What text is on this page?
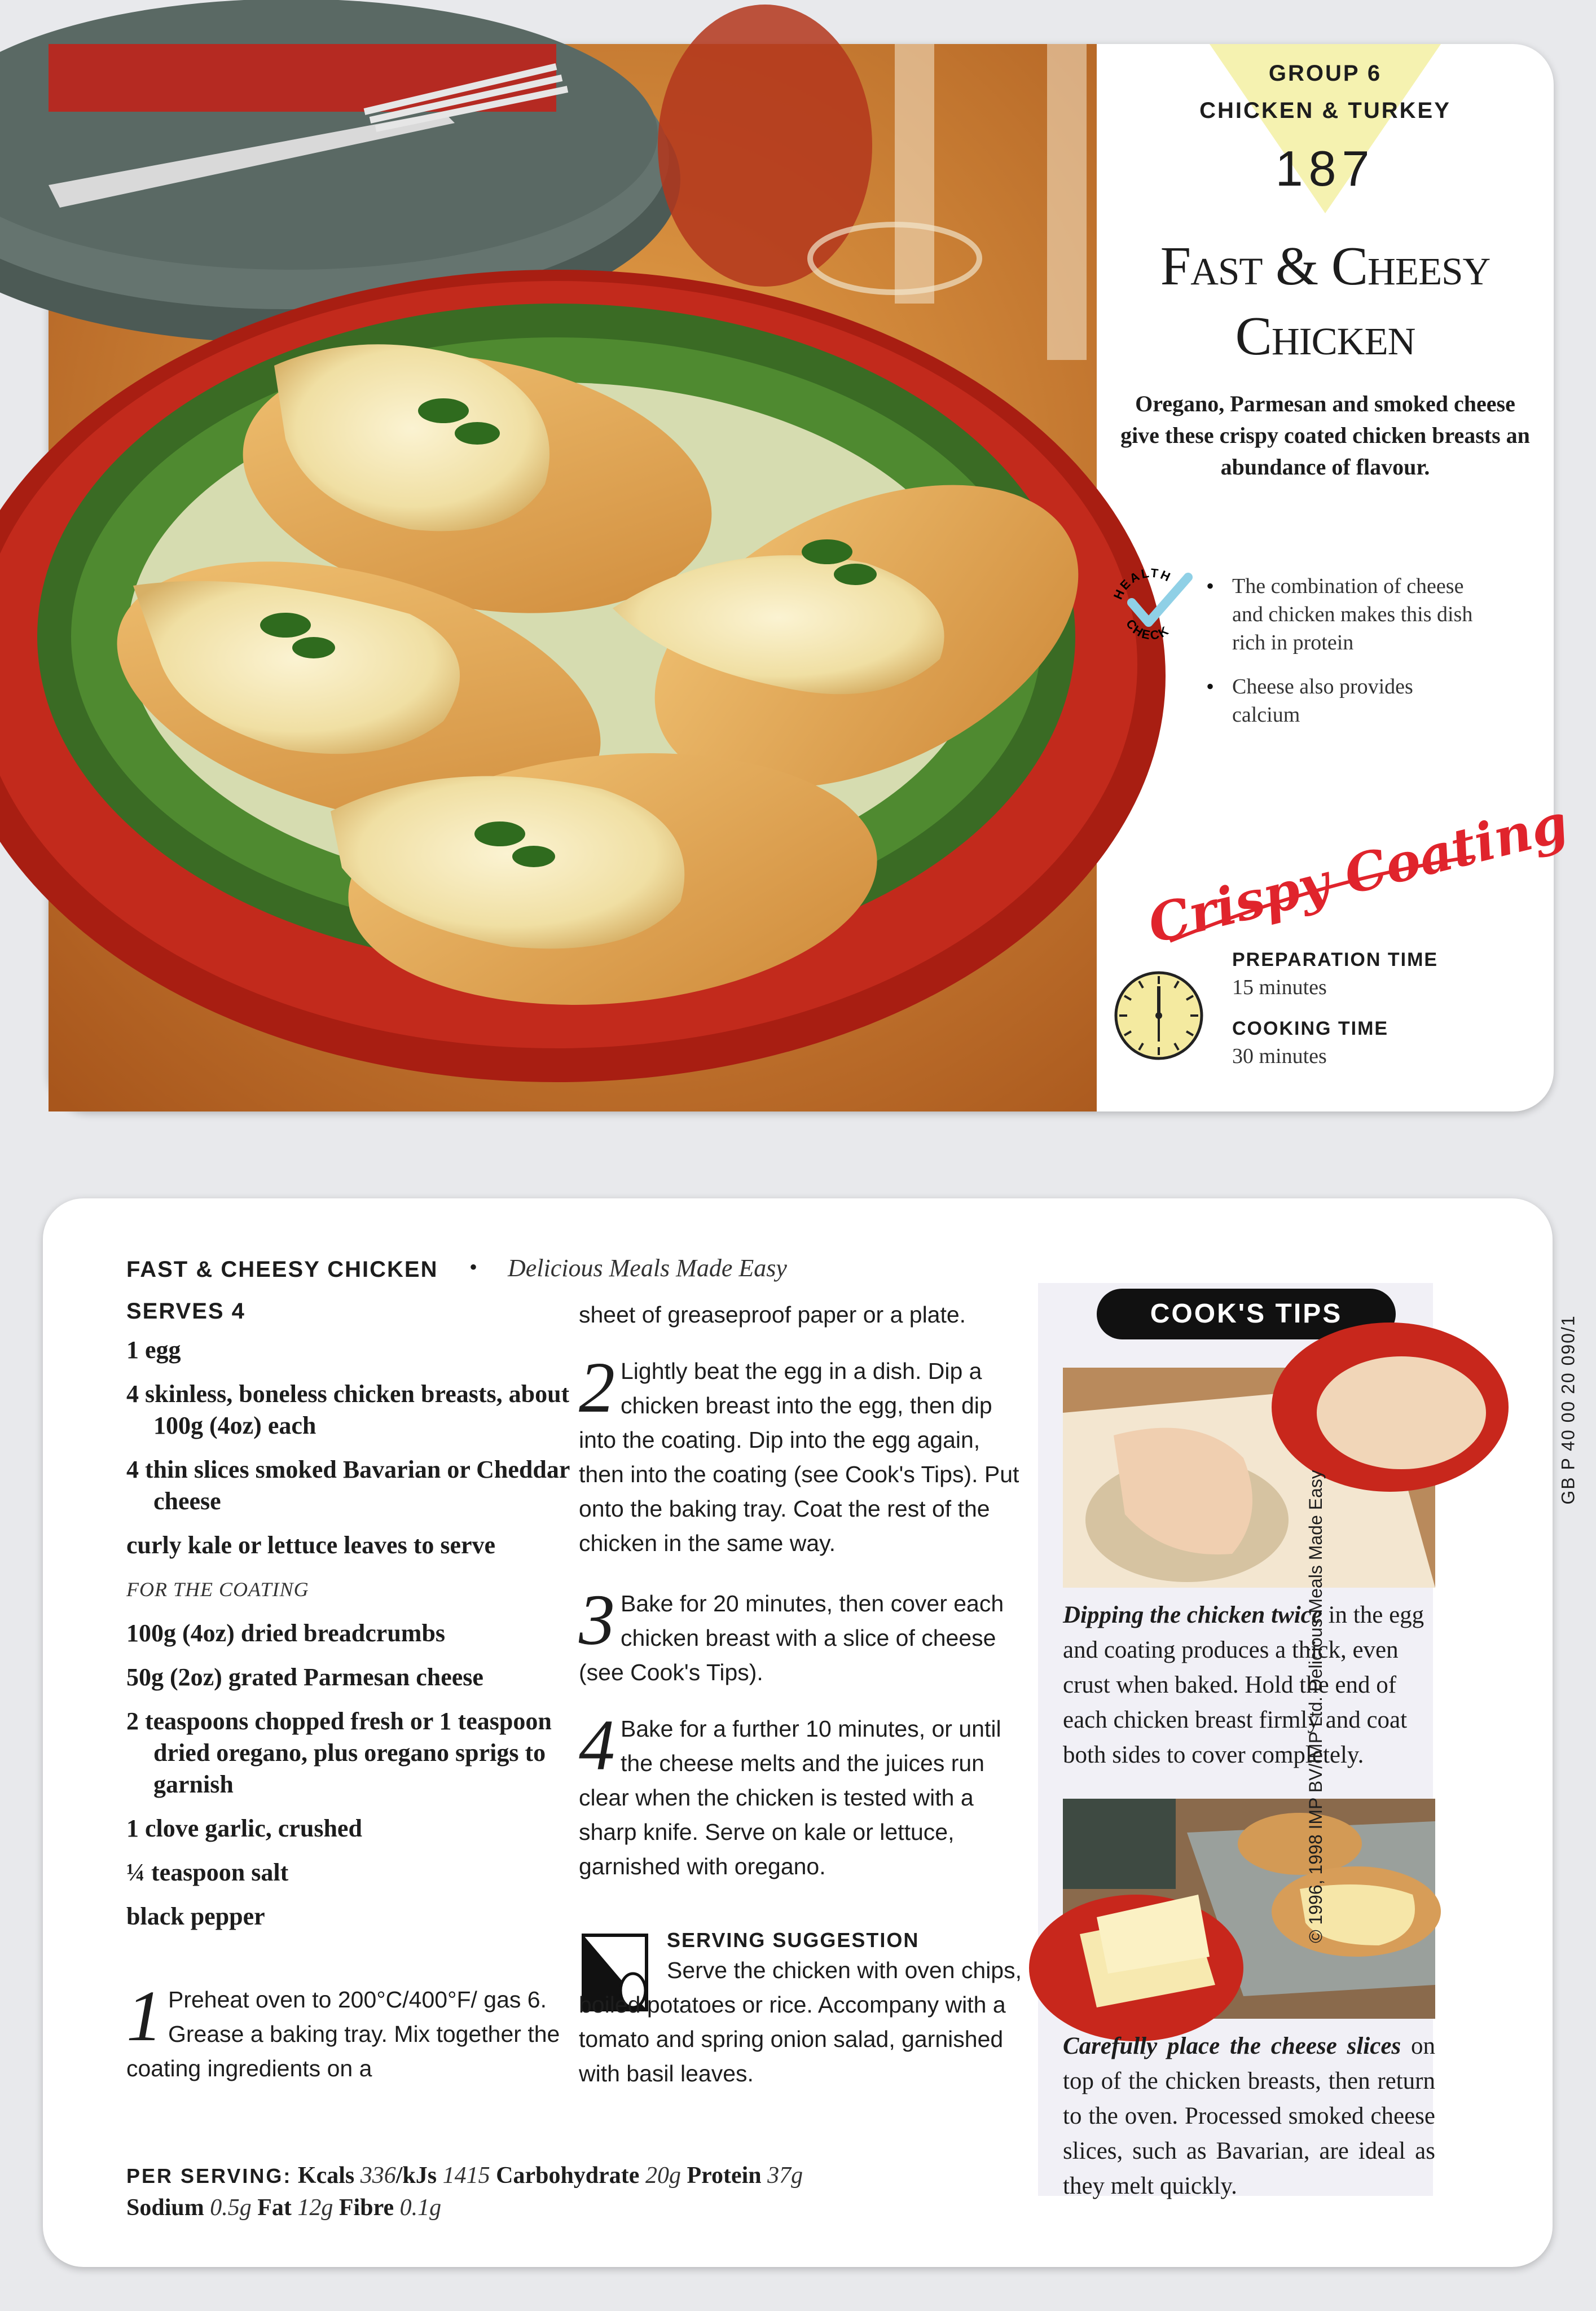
GROUP 6
CHICKEN & TURKEY
187
Fast & Cheesy
Chicken
Oregano, Parmesan and smoked cheese give these crispy coated chicken breasts an abundance of flavour.
HEALTH
CHECK
• The combination of cheese and chicken makes this dish rich in protein
• Cheese also provides calcium
Crispy Coating
PREPARATION TIME
15 minutes
COOKING TIME
30 minutes
FAST & CHEESY CHICKEN • Delicious Meals Made Easy
SERVES 4
1 egg
4 skinless, boneless chicken breasts, about 100g (4oz) each
4 thin slices smoked Bavarian or Cheddar cheese
curly kale or lettuce leaves to serve
FOR THE COATING
100g (4oz) dried breadcrumbs
50g (2oz) grated Parmesan cheese
2 teaspoons chopped fresh or 1 teaspoon dried oregano, plus oregano sprigs to garnish
1 clove garlic, crushed
¼ teaspoon salt
black pepper
1 Preheat oven to 200°C/400°F/ gas 6. Grease a baking tray. Mix together the coating ingredients on a
sheet of greaseproof paper or a plate.
2 Lightly beat the egg in a dish. Dip a chicken breast into the egg, then dip into the coating. Dip into the egg again, then into the coating (see Cook's Tips). Put onto the baking tray. Coat the rest of the chicken in the same way.
3 Bake for 20 minutes, then cover each chicken breast with a slice of cheese (see Cook's Tips).
4 Bake for a further 10 minutes, or until the cheese melts and the juices run clear when the chicken is tested with a sharp knife. Serve on kale or lettuce, garnished with oregano.
SERVING SUGGESTION
Serve the chicken with oven chips, boiled potatoes or rice. Accompany with a tomato and spring onion salad, garnished with basil leaves.
PER SERVING: Kcals 336/kJs 1415 Carbohydrate 20g Protein 37g
Sodium 0.5g Fat 12g Fibre 0.1g
COOK'S TIPS
Dipping the chicken twice in the egg and coating produces a thick, even crust when baked. Hold the end of each chicken breast firmly and coat both sides to cover completely.
Carefully place the cheese slices on top of the chicken breasts, then return to the oven. Processed smoked cheese slices, such as Bavarian, are ideal as they melt quickly.
GB P 40 00 20 090/1
© 1996, 1998 IMP BV/IMP Ltd. Delicious Meals Made Easy
